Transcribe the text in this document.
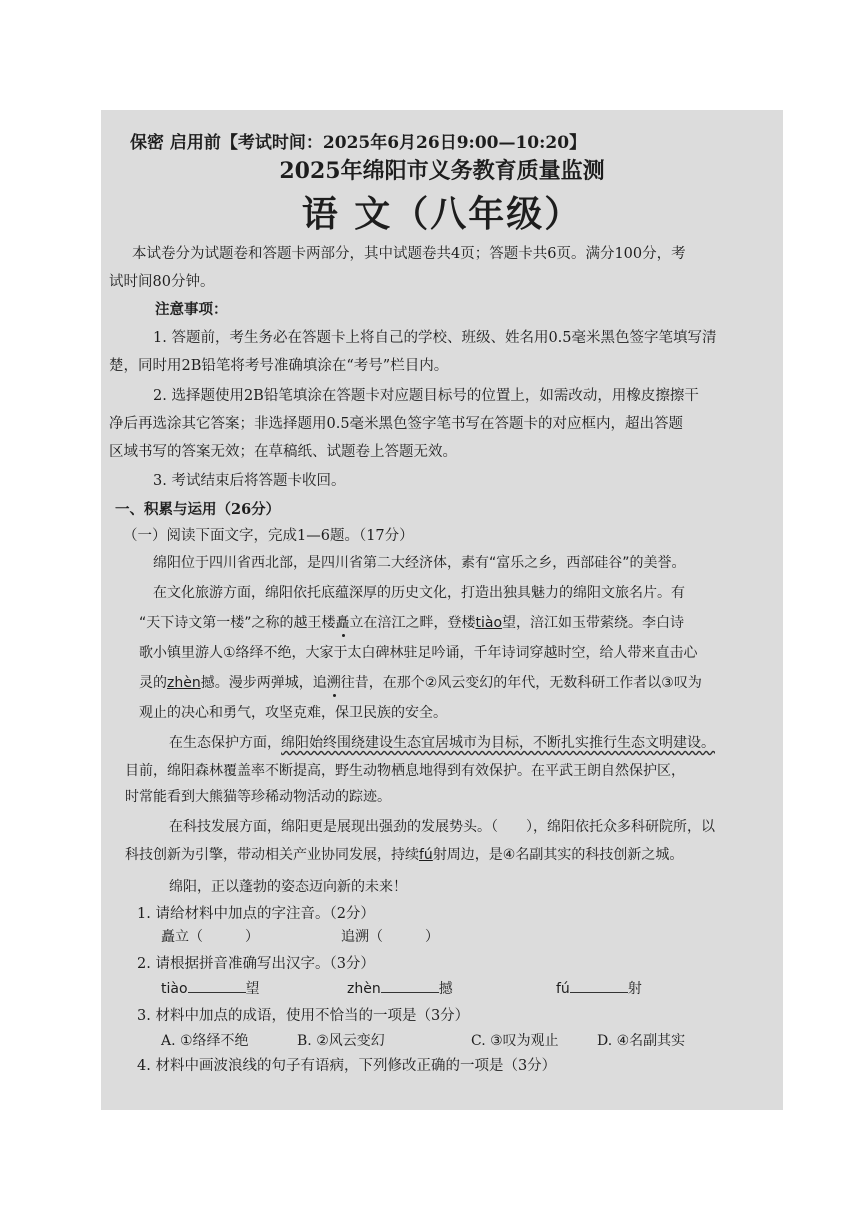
保密 启用前【考试时间：2025年6月26日9:00—10:20】
2025年绵阳市义务教育质量监测
语 文（八年级）
本试卷分为试题卷和答题卡两部分，其中试题卷共4页；答题卡共6页。满分100分，考
试时间80分钟。
注意事项：
1. 答题前，考生务必在答题卡上将自己的学校、班级、姓名用0.5毫米黑色签字笔填写清
楚，同时用2B铅笔将考号准确填涂在“考号”栏目内。
2. 选择题使用2B铅笔填涂在答题卡对应题目标号的位置上，如需改动，用橡皮擦擦干
净后再选涂其它答案；非选择题用0.5毫米黑色签字笔书写在答题卡的对应框内，超出答题
区域书写的答案无效；在草稿纸、试题卷上答题无效。
3. 考试结束后将答题卡收回。
一、积累与运用（26分）
（一）阅读下面文字，完成1—6题。（17分）
绵阳位于四川省西北部，是四川省第二大经济体，素有“富乐之乡，西部硅谷”的美誉。
在文化旅游方面，绵阳依托底蕴深厚的历史文化，打造出独具魅力的绵阳文旅名片。有
“天下诗文第一楼”之称的越王楼矗立在涪江之畔，登楼tiào望，涪江如玉带萦绕。李白诗
歌小镇里游人①络绎不绝，大家于太白碑林驻足吟诵，千年诗词穿越时空，给人带来直击心
灵的zhèn撼。漫步两弹城，追溯往昔，在那个②风云变幻的年代，无数科研工作者以③叹为
观止的决心和勇气，攻坚克难，保卫民族的安全。
在生态保护方面，绵阳始终围绕建设生态宜居城市为目标，不断扎实推行生态文明建设。
目前，绵阳森林覆盖率不断提高，野生动物栖息地得到有效保护。在平武王朗自然保护区，
时常能看到大熊猫等珍稀动物活动的踪迹。
在科技发展方面，绵阳更是展现出强劲的发展势头。（　　），绵阳依托众多科研院所，以
科技创新为引擎，带动相关产业协同发展，持续fú射周边，是④名副其实的科技创新之城。
绵阳，正以蓬勃的姿态迈向新的未来！
1. 请给材料中加点的字注音。（2分）
矗立（　　　）	追溯（　　　）
2. 请根据拼音准确写出汉字。（3分）
tiào	望	zhèn	撼	fú	射
3. 材料中加点的成语，使用不恰当的一项是（3分）
A. ①络绎不绝	B. ②风云变幻	C. ③叹为观止	D. ④名副其实
4. 材料中画波浪线的句子有语病，下列修改正确的一项是（3分）
